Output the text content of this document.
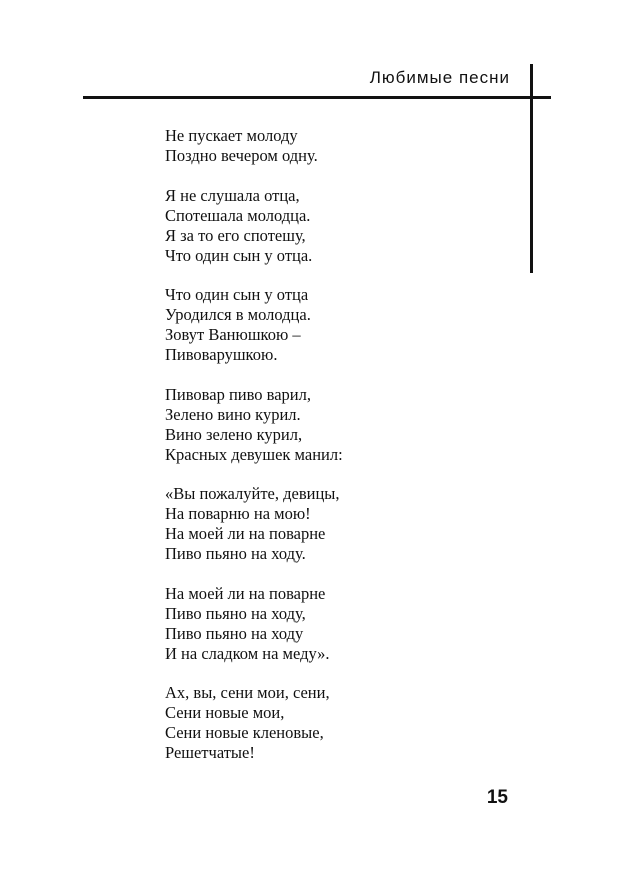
Любимые песни
Не пускает молоду
Поздно вечером одну.
Я не слушала отца,
Спотешала молодца.
Я за то его спотешу,
Что один сын у отца.
Что один сын у отца
Уродился в молодца.
Зовут Ванюшкою –
Пивоварушкою.
Пивовар пиво варил,
Зелено вино курил.
Вино зелено курил,
Красных девушек манил:
«Вы пожалуйте, девицы,
На поварню на мою!
На моей ли на поварне
Пиво пьяно на ходу.
На моей ли на поварне
Пиво пьяно на ходу,
Пиво пьяно на ходу
И на сладком на меду».
Ах, вы, сени мои, сени,
Сени новые мои,
Сени новые кленовые,
Решетчатые!
15
